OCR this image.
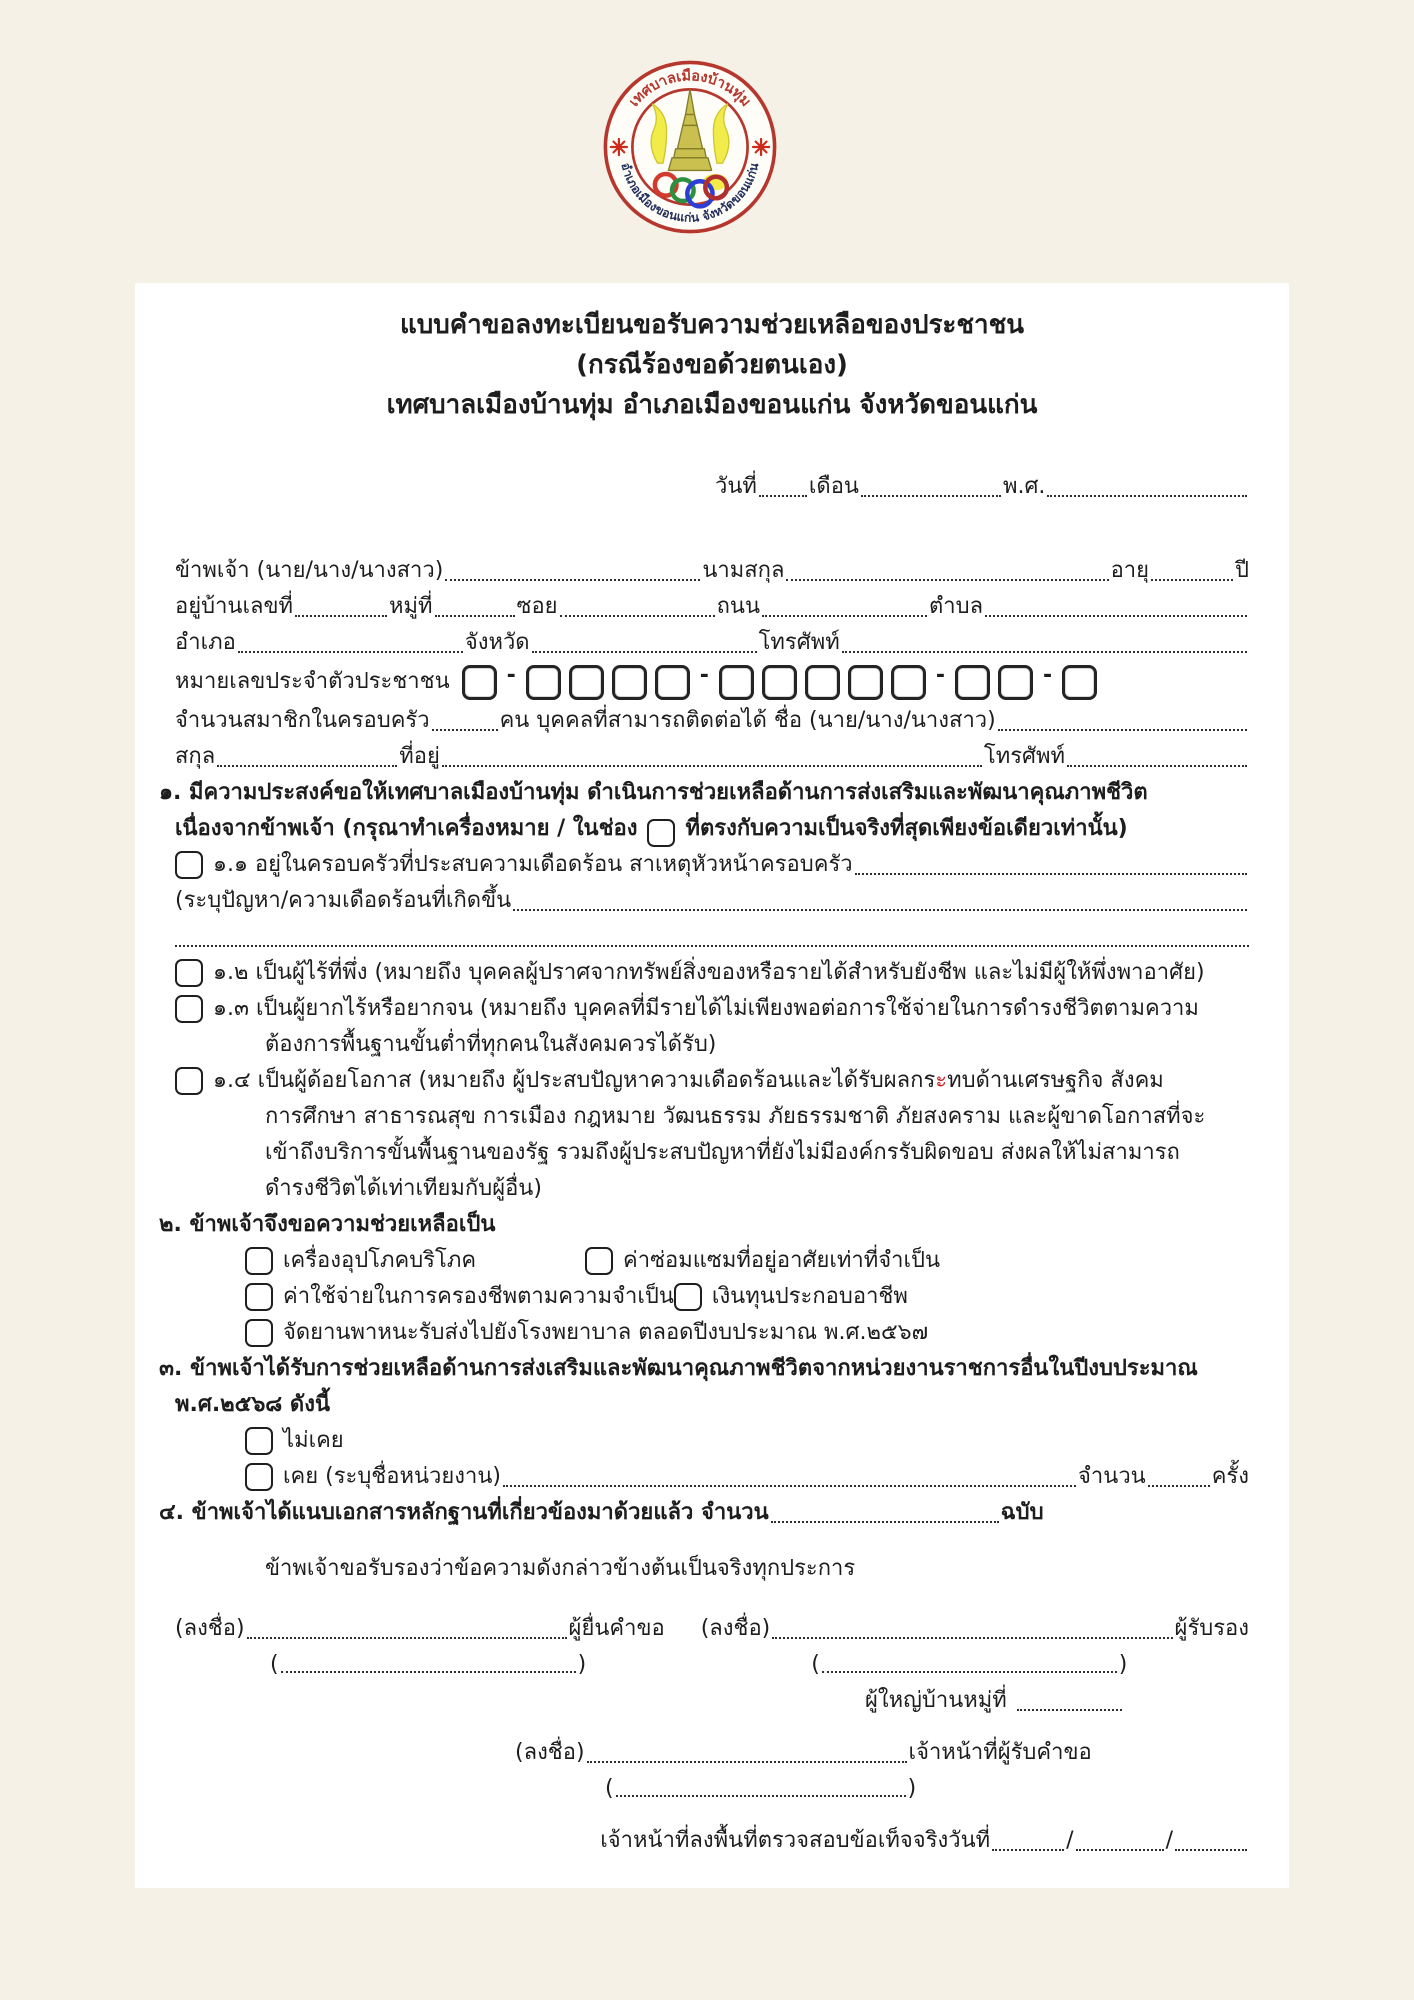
เทศบาลเมืองบ้านทุ่ม
อำเภอเมืองขอนแก่น จังหวัดขอนแก่น
แบบคำขอลงทะเบียนขอรับความช่วยเหลือของประชาชน
(กรณีร้องขอด้วยตนเอง)
เทศบาลเมืองบ้านทุ่ม อำเภอเมืองขอนแก่น จังหวัดขอนแก่น
วันที่ เดือน	พ.ศ.
ข้าพเจ้า (นาย/นาง/นางสาว)	นามสกุล	อายุ	ปี
อยู่บ้านเลขที่	หมู่ที่	ซอย	ถนน	ตำบล
อำเภอ	จังหวัด	โทรศัพท์
หมายเลขประจำตัวประชาชน	-	-	-	-
จำนวนสมาชิกในครอบครัว	คน บุคคลที่สามารถติดต่อได้ ชื่อ (นาย/นาง/นางสาว)
สกุล	ที่อยู่	โทรศัพท์
๑. มีความประสงค์ขอให้เทศบาลเมืองบ้านทุ่ม ดำเนินการช่วยเหลือด้านการส่งเสริมและพัฒนาคุณภาพชีวิต
เนื่องจากข้าพเจ้า (กรุณาทำเครื่องหมาย / ในช่อง ที่ตรงกับความเป็นจริงที่สุดเพียงข้อเดียวเท่านั้น)
๑.๑ อยู่ในครอบครัวที่ประสบความเดือดร้อน สาเหตุหัวหน้าครอบครัว
(ระบุปัญหา/ความเดือดร้อนที่เกิดขึ้น
๑.๒ เป็นผู้ไร้ที่พึ่ง (หมายถึง บุคคลผู้ปราศจากทรัพย์สิ่งของหรือรายได้สำหรับยังชีพ และไม่มีผู้ให้พึ่งพาอาศัย)
๑.๓ เป็นผู้ยากไร้หรือยากจน (หมายถึง บุคคลที่มีรายได้ไม่เพียงพอต่อการใช้จ่ายในการดำรงชีวิตตามความ
ต้องการพื้นฐานขั้นต่ำที่ทุกคนในสังคมควรได้รับ)
๑.๔ เป็นผู้ด้อยโอกาส (หมายถึง ผู้ประสบปัญหาความเดือดร้อนและได้รับผลกร ะ ทบด้านเศรษฐกิจ สังคม
การศึกษา สาธารณสุข การเมือง กฎหมาย วัฒนธรรม ภัยธรรมชาติ ภัยสงคราม และผู้ขาดโอกาสที่จะ
เข้าถึงบริการขั้นพื้นฐานของรัฐ รวมถึงผู้ประสบปัญหาที่ยังไม่มีองค์กรรับผิดขอบ ส่งผลให้ไม่สามารถ
ดำรงชีวิตได้เท่าเทียมกับผู้อื่น)
๒. ข้าพเจ้าจึงขอความช่วยเหลือเป็น
เครื่องอุปโภคบริโภค	ค่าซ่อมแซมที่อยู่อาศัยเท่าที่จำเป็น
ค่าใช้จ่ายในการครองชีพตามความจำเป็น เงินทุนประกอบอาชีพ
จัดยานพาหนะรับส่งไปยังโรงพยาบาล ตลอดปีงบประมาณ พ.ศ.๒๕๖๗
๓. ข้าพเจ้าได้รับการช่วยเหลือด้านการส่งเสริมและพัฒนาคุณภาพชีวิตจากหน่วยงานราชการอื่นในปีงบประมาณ
พ.ศ.๒๕๖๘ ดังนี้
ไม่เคย
เคย (ระบุชื่อหน่วยงาน)	จำนวน	ครั้ง
๔. ข้าพเจ้าได้แนบเอกสารหลักฐานที่เกี่ยวข้องมาด้วยแล้ว จำนวน	ฉบับ
ข้าพเจ้าขอรับรองว่าข้อความดังกล่าวข้างต้นเป็นจริงทุกประการ
(ลงชื่อ)	ผู้ยื่นคำขอ (ลงชื่อ)	ผู้รับรอง
(	)	(	)
ผู้ใหญ่บ้านหมู่ที่
(ลงชื่อ)	เจ้าหน้าที่ผู้รับคำขอ
(	)
เจ้าหน้าที่ลงพื้นที่ตรวจสอบข้อเท็จจริงวันที่	/	/
